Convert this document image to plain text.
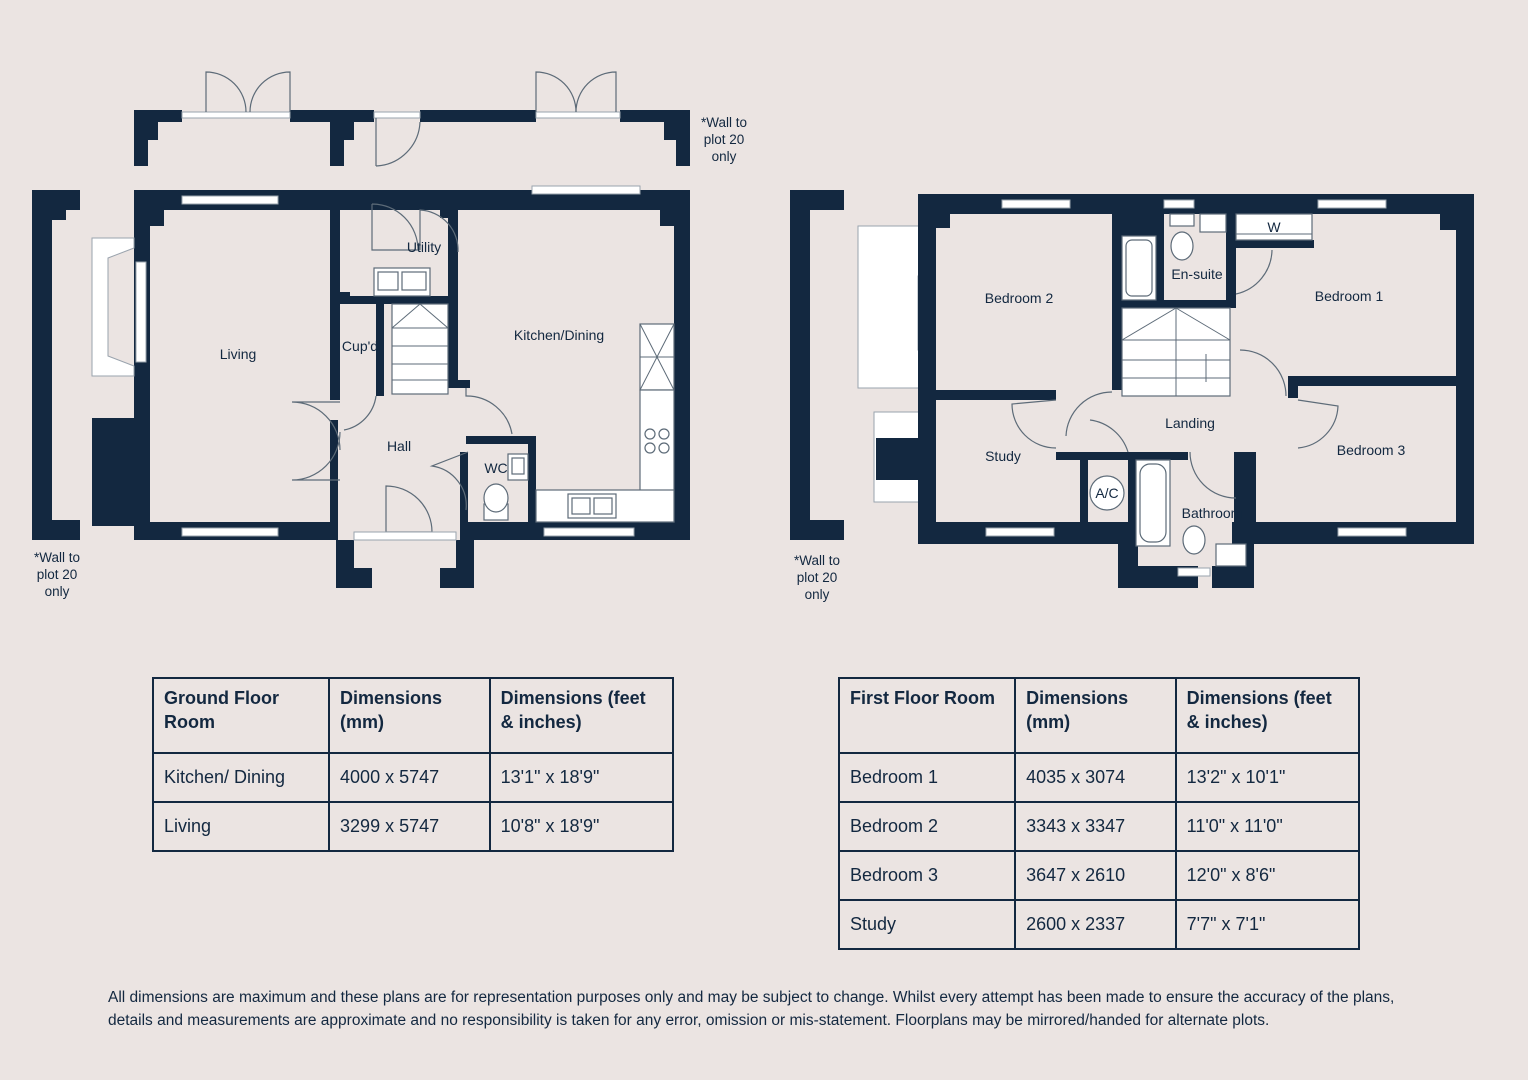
Living
Utility
Cup'd
Kitchen/Dining
Hall
WC
*Wall to
plot 20
only
*Wall to
plot 20
only
Bedroom 2
En-suite
W
Bedroom 1
Landing
Study	Bedroom 3
A/C
Bathroom
*Wall to
plot 20
only
Ground Floor Room	Dimensions (mm)	Dimensions (feet & inches)
Kitchen/ Dining	4000 x 5747	13'1" x 18'9"
Living	3299 x 5747	10'8" x 18'9"
First Floor Room	Dimensions (mm)	Dimensions (feet & inches)
Bedroom 1	4035 x 3074	13'2" x 10'1"
Bedroom 2	3343 x 3347	11'0" x 11'0"
Bedroom 3	3647 x 2610	12'0" x 8'6"
Study	2600 x 2337	7'7" x 7'1"
All dimensions are maximum and these plans are for representation purposes only and may be subject to change. Whilst every attempt has been made to ensure the accuracy of the plans, details and measurements are approximate and no responsibility is taken for any error, omission or mis-statement. Floorplans may be mirrored/handed for alternate plots.
